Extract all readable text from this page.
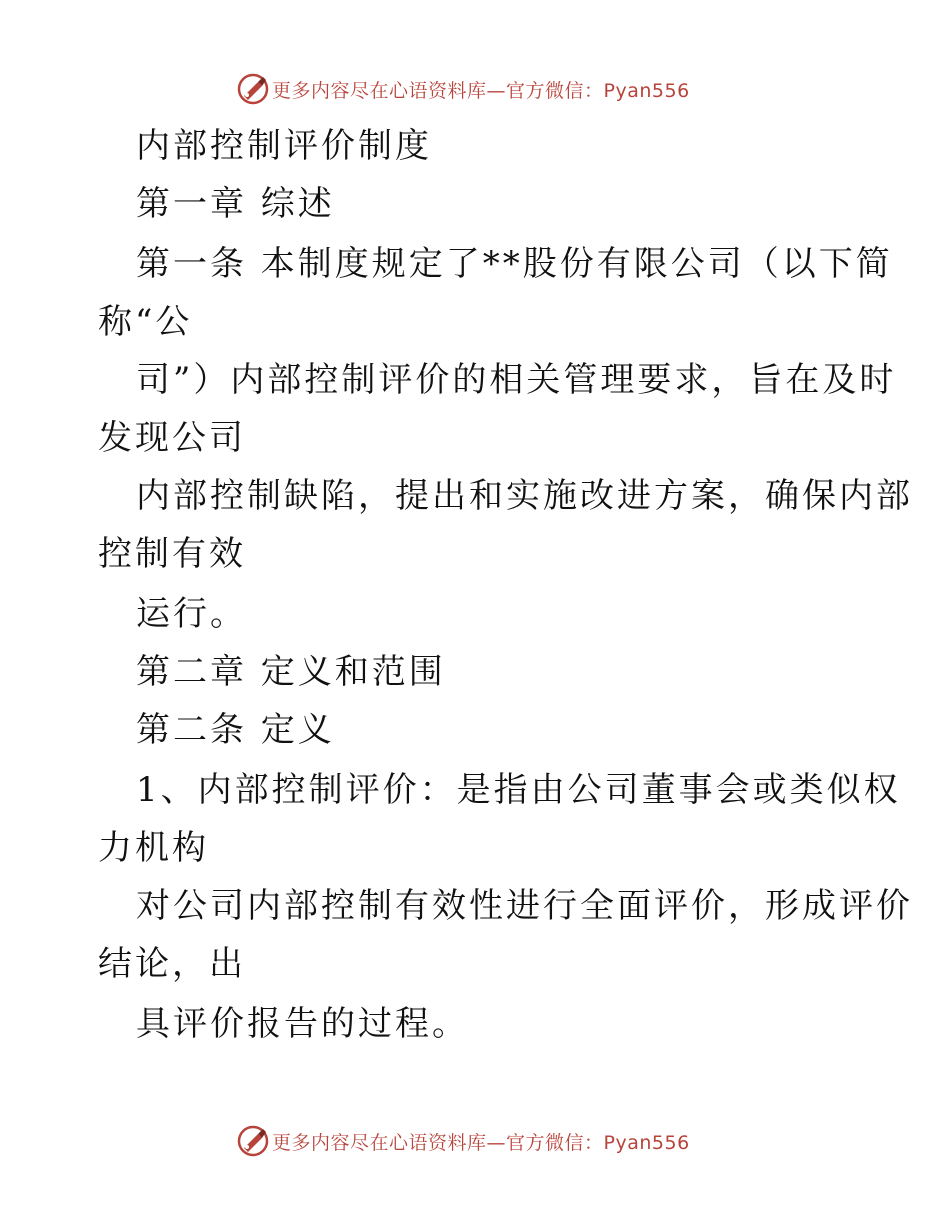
更多内容尽在心语资料库—官方微信：Pyan556
内部控制评价制度
第一章 综述
第一条 本制度规定了**股份有限公司（以下简
称“公
司”）内部控制评价的相关管理要求，旨在及时
发现公司
内部控制缺陷，提出和实施改进方案，确保内部
控制有效
运行。
第二章 定义和范围
第二条 定义
1、内部控制评价：是指由公司董事会或类似权
力机构
对公司内部控制有效性进行全面评价，形成评价
结论，出
具评价报告的过程。
更多内容尽在心语资料库—官方微信：Pyan556
